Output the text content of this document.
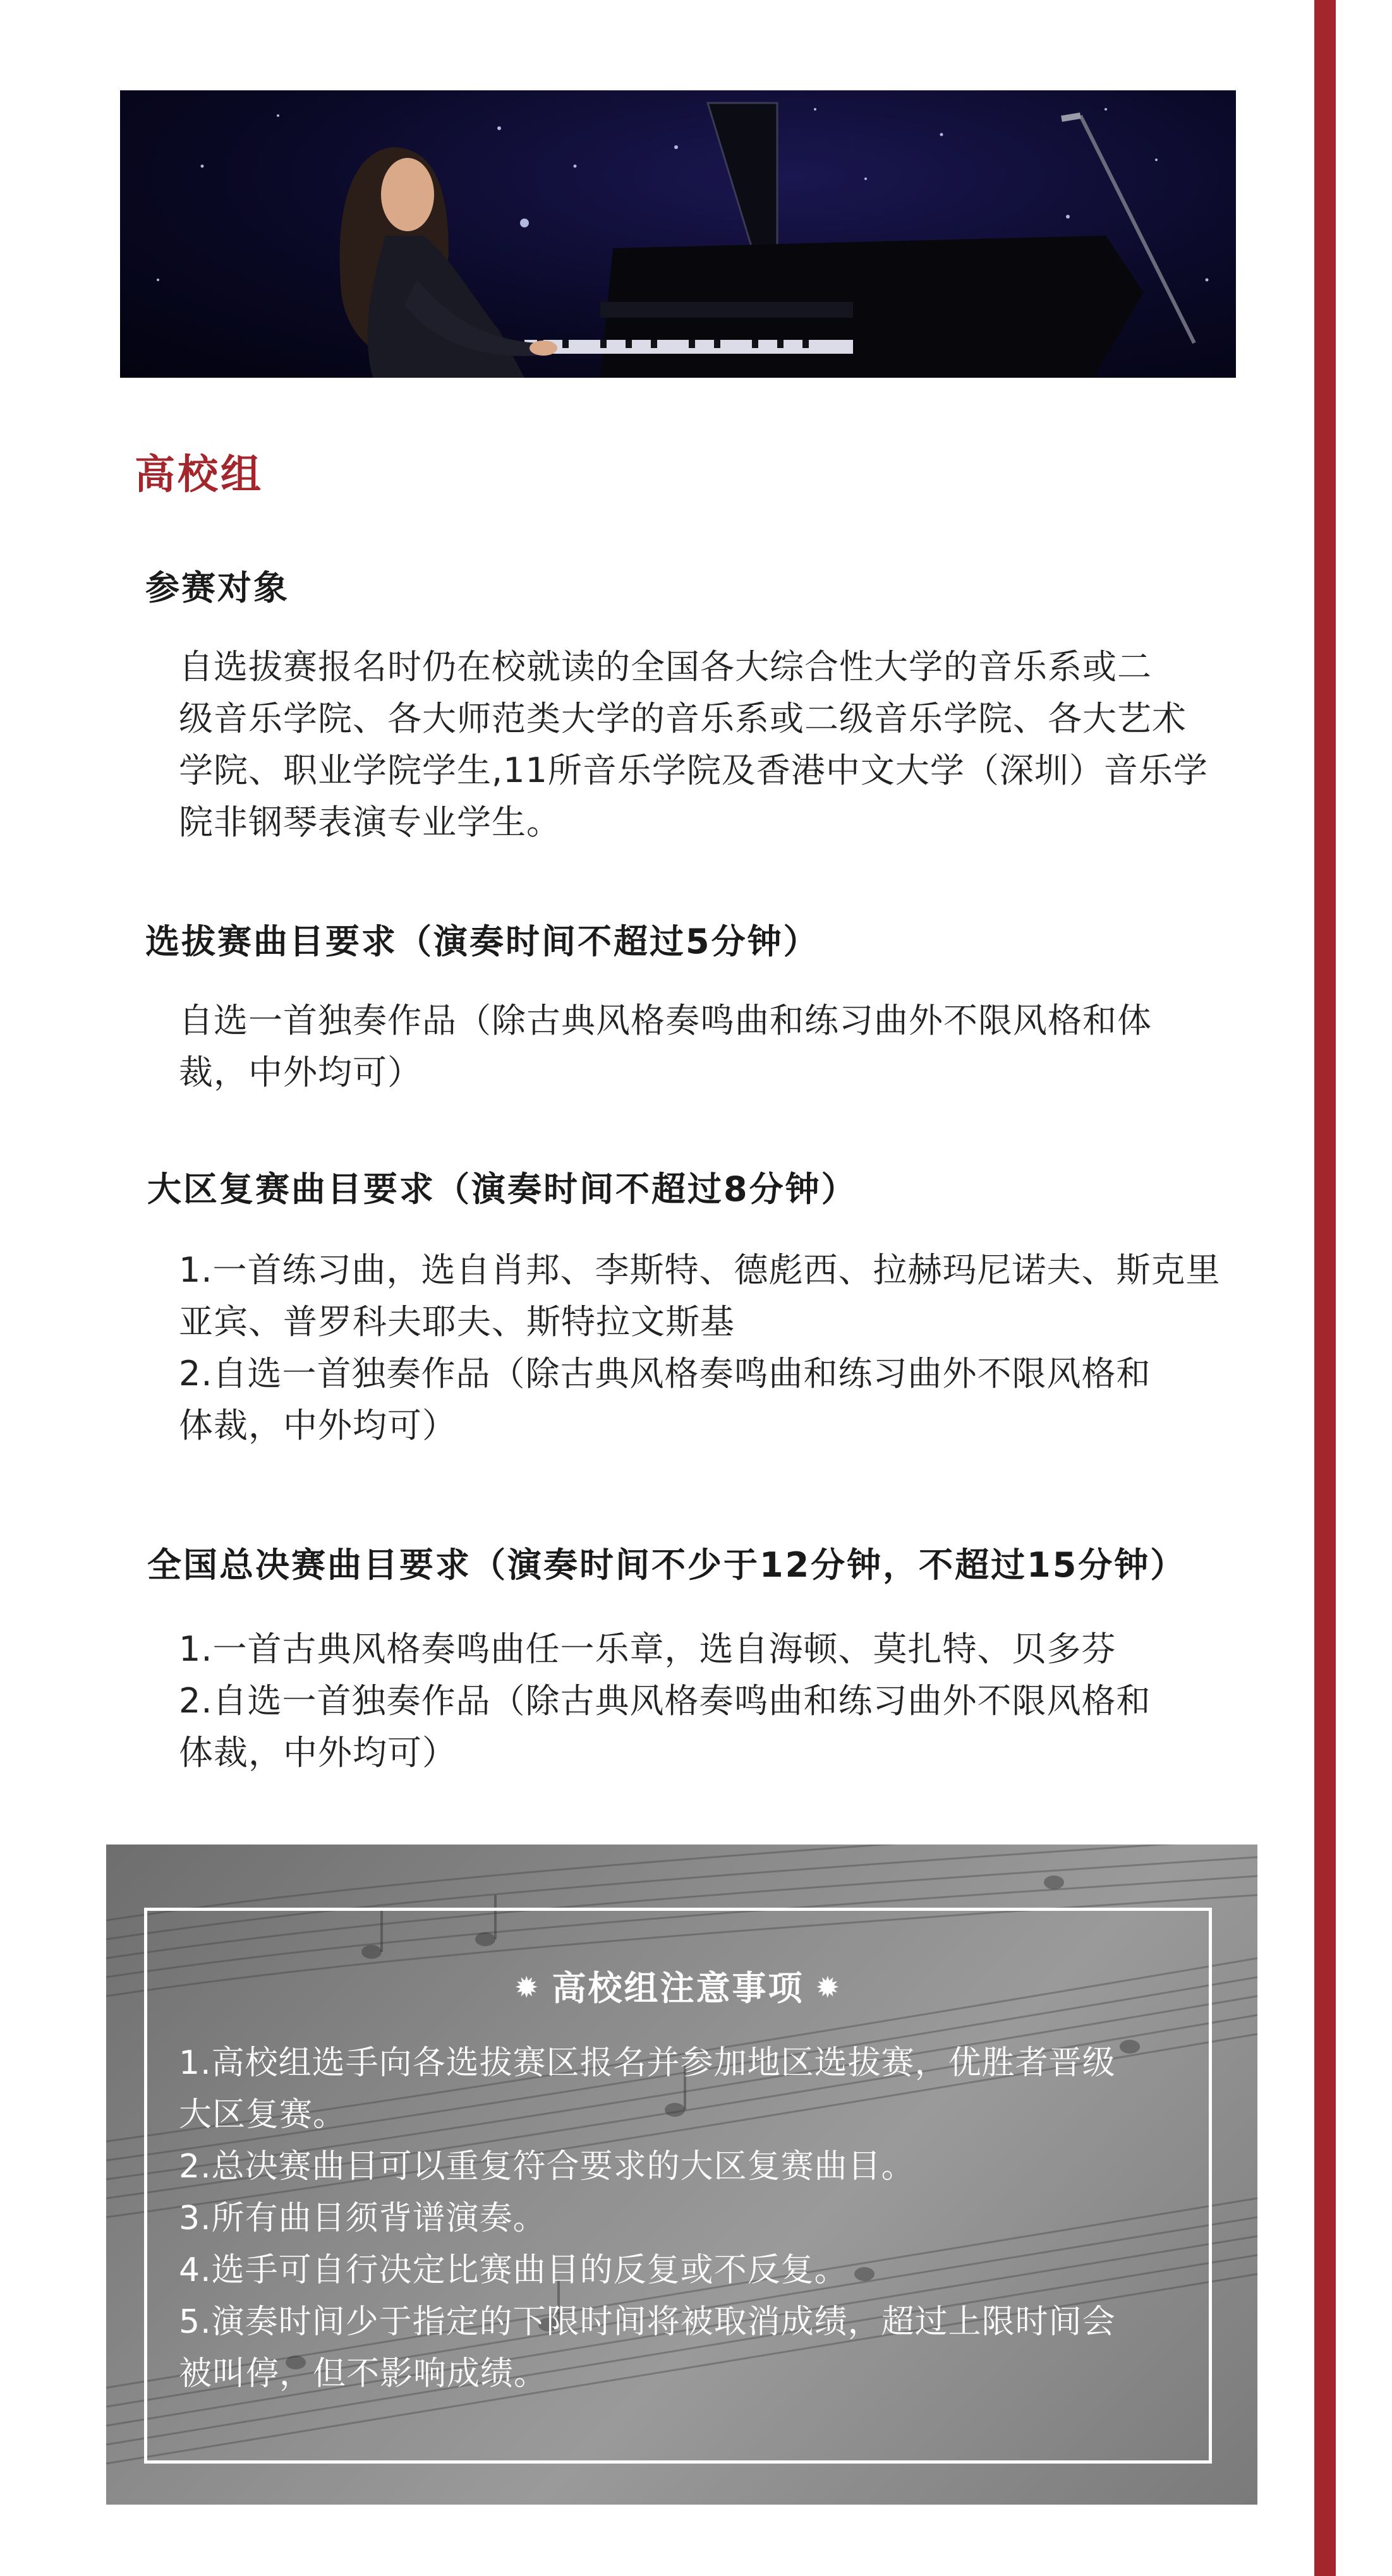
高校组
参赛对象

自选拔赛报名时仍在校就读的全国各大综合性大学的音乐系或二

级音乐学院、各大师范类大学的音乐系或二级音乐学院、各大艺术

学院、职业学院学生,11所音乐学院及香港中文大学（深圳）音乐学

院非钢琴表演专业学生。

选拔赛曲目要求（演奏时间不超过5分钟）

自选一首独奏作品（除古典风格奏鸣曲和练习曲外不限风格和体

裁，中外均可）

大区复赛曲目要求（演奏时间不超过8分钟）

1.一首练习曲，选自肖邦、李斯特、德彪西、拉赫玛尼诺夫、斯克里

亚宾、普罗科夫耶夫、斯特拉文斯基

2.自选一首独奏作品（除古典风格奏鸣曲和练习曲外不限风格和

体裁，中外均可）

全国总决赛曲目要求（演奏时间不少于12分钟，不超过15分钟）

1.一首古典风格奏鸣曲任一乐章，选自海顿、莫扎特、贝多芬

2.自选一首独奏作品（除古典风格奏鸣曲和练习曲外不限风格和

体裁，中外均可）

✹ 高校组注意事项 ✹

1.高校组选手向各选拔赛区报名并参加地区选拔赛，优胜者晋级

大区复赛。

2.总决赛曲目可以重复符合要求的大区复赛曲目。

3.所有曲目须背谱演奏。

4.选手可自行决定比赛曲目的反复或不反复。

5.演奏时间少于指定的下限时间将被取消成绩，超过上限时间会

被叫停，但不影响成绩。
